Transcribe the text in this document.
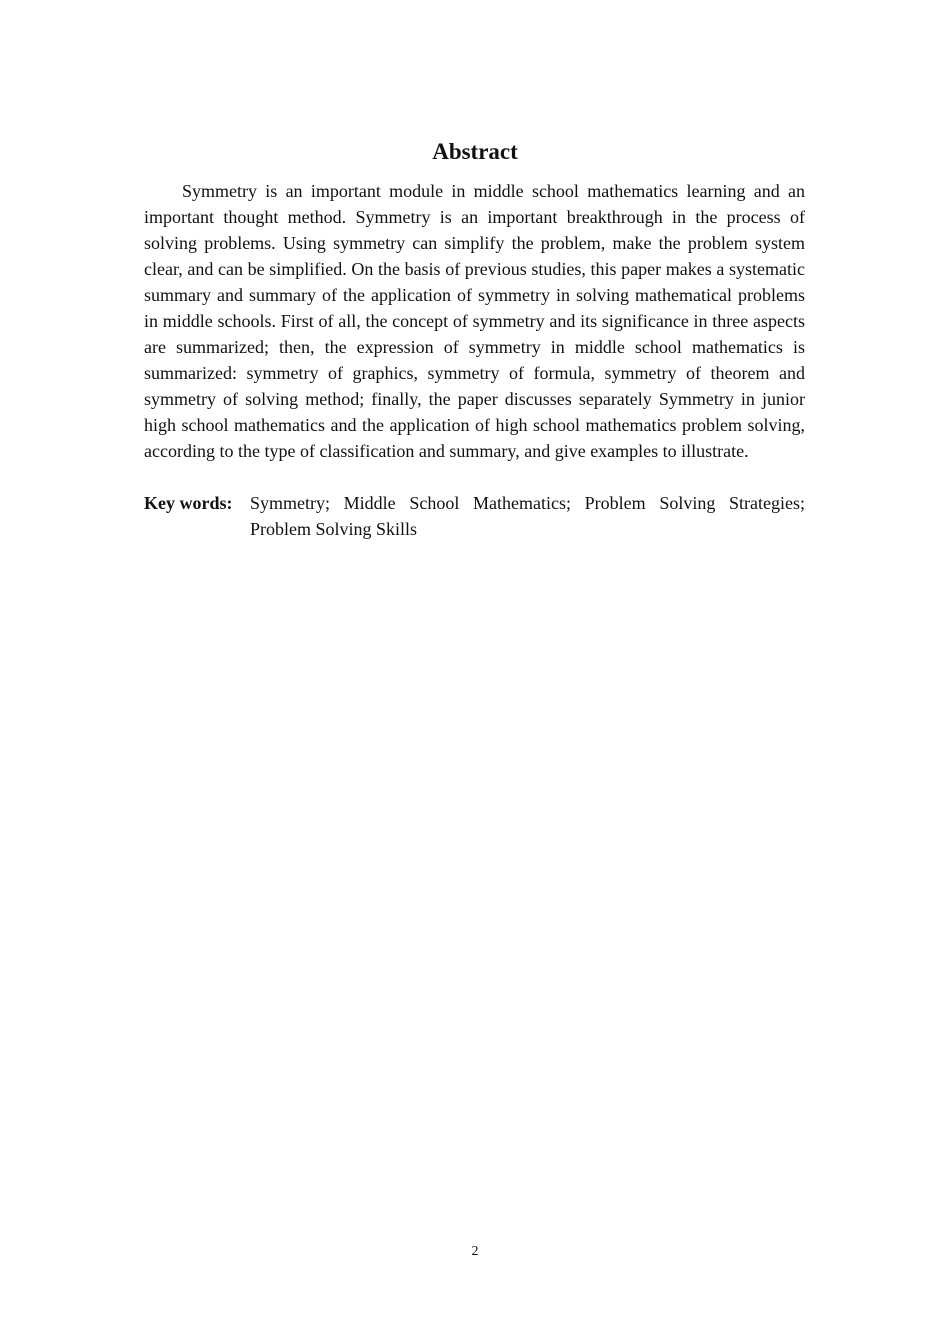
Abstract

Symmetry is an important module in middle school mathematics learning and an important thought method. Symmetry is an important breakthrough in the process of solving problems. Using symmetry can simplify the problem, make the problem system clear, and can be simplified. On the basis of previous studies, this paper makes a systematic summary and summary of the application of symmetry in solving mathematical problems in middle schools. First of all, the concept of symmetry and its significance in three aspects are summarized; then, the expression of symmetry in middle school mathematics is summarized: symmetry of graphics, symmetry of formula, symmetry of theorem and symmetry of solving method; finally, the paper discusses separately Symmetry in junior high school mathematics and the application of high school mathematics problem solving, according to the type of classification and summary, and give examples to illustrate.

Key words: Symmetry; Middle School Mathematics; Problem Solving Strategies; Problem Solving Skills
2
